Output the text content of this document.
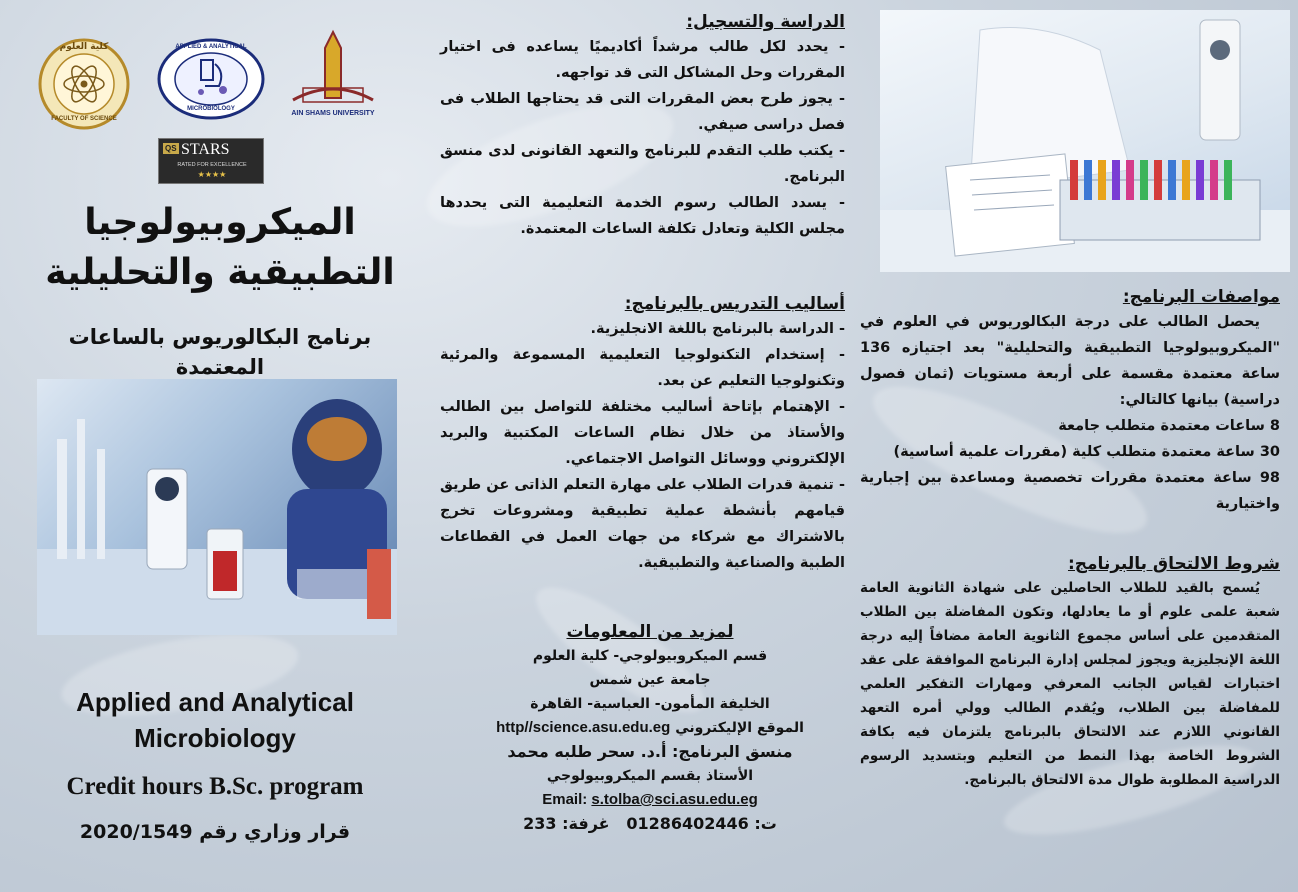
كلية العلوم
FACULTY OF SCIENCE
APPLIED & ANALYTICAL
MICROBIOLOGY
AIN SHAMS UNIVERSITY
QS STARS
RATED FOR EXCELLENCE
★★★★
الميكروبيولوجيا
التطبيقية والتحليلية
برنامج البكالوريوس بالساعات المعتمدة
Applied and Analytical
Microbiology
Credit hours B.Sc. program
قرار وزاري رقم 2020/1549
الدراسة والتسجيل:

- يحدد لكل طالب مرشداً أكاديميًا يساعده فى اختيار المقررات وحل المشاكل التى قد تواجهه.

- يجوز طرح بعض المقررات التى قد يحتاجها الطلاب فى فصل دراسى صيفي.

- يكتب طلب التقدم للبرنامج والتعهد القانونى لدى منسق البرنامج.

- يسدد الطالب رسوم الخدمة التعليمية التى يحددها مجلس الكلية وتعادل تكلفة الساعات المعتمدة.

أساليب التدريس بالبرنامج:

- الدراسة بالبرنامج باللغة الانجليزية.

- إستخدام التكنولوجيا التعليمية المسموعة والمرئية وتكنولوجيا التعليم عن بعد.

- الإهتمام بإتاحة أساليب مختلفة للتواصل بين الطالب والأستاذ من خلال نظام الساعات المكتبية والبريد الإلكتروني ووسائل التواصل الاجتماعي.

- تنمية قدرات الطلاب على مهارة التعلم الذاتى عن طريق قيامهم بأنشطة عملية تطبيقية ومشروعات تخرج بالاشتراك مع شركاء من جهات العمل في القطاعات الطبية والصناعية والتطبيقية.

لمزيد من المعلومات
قسم الميكروبيولوجي- كلية العلوم
جامعة عين شمس
الخليفة المأمون- العباسية- القاهرة
الموقع الإليكتروني http//science.asu.edu.eg
منسق البرنامج: أ.د. سحر طلبه محمد
الأستاذ بقسم الميكروبيولوجي
Email: s.tolba@sci.asu.edu.eg
ت: 01286402446   غرفة: 233
مواصفات البرنامج:
يحصل الطالب على درجة البكالوريوس في العلوم في "الميكروبيولوجيا التطبيقية والتحليلية" بعد اجتيازه 136 ساعة معتمدة مقسمة على أربعة مستويات (ثمان فصول دراسية) بيانها كالتالي:

8 ساعات معتمدة متطلب جامعة

30 ساعة معتمدة متطلب كلية (مقررات علمية أساسية)

98 ساعة معتمدة مقررات تخصصية ومساعدة بين إجبارية واختيارية

شروط الالتحاق بالبرنامج:
يُسمح بالقيد للطلاب الحاصلين على شهادة الثانوية العامة شعبة علمى علوم أو ما يعادلها، وتكون المفاضلة بين الطلاب المتقدمين على أساس مجموع الثانوية العامة مضافاً إليه درجة اللغة الإنجليزية ويجوز لمجلس إدارة البرنامج الموافقة على عقد اختبارات لقياس الجانب المعرفي ومهارات التفكير العلمي للمفاضلة بين الطلاب، ويُقدم الطالب وولي أمره التعهد القانوني اللازم عند الالتحاق بالبرنامج يلتزمان فيه بكافة الشروط الخاصة بهذا النمط من التعليم وبتسديد الرسوم الدراسية المطلوبة طوال مدة الالتحاق بالبرنامج.
